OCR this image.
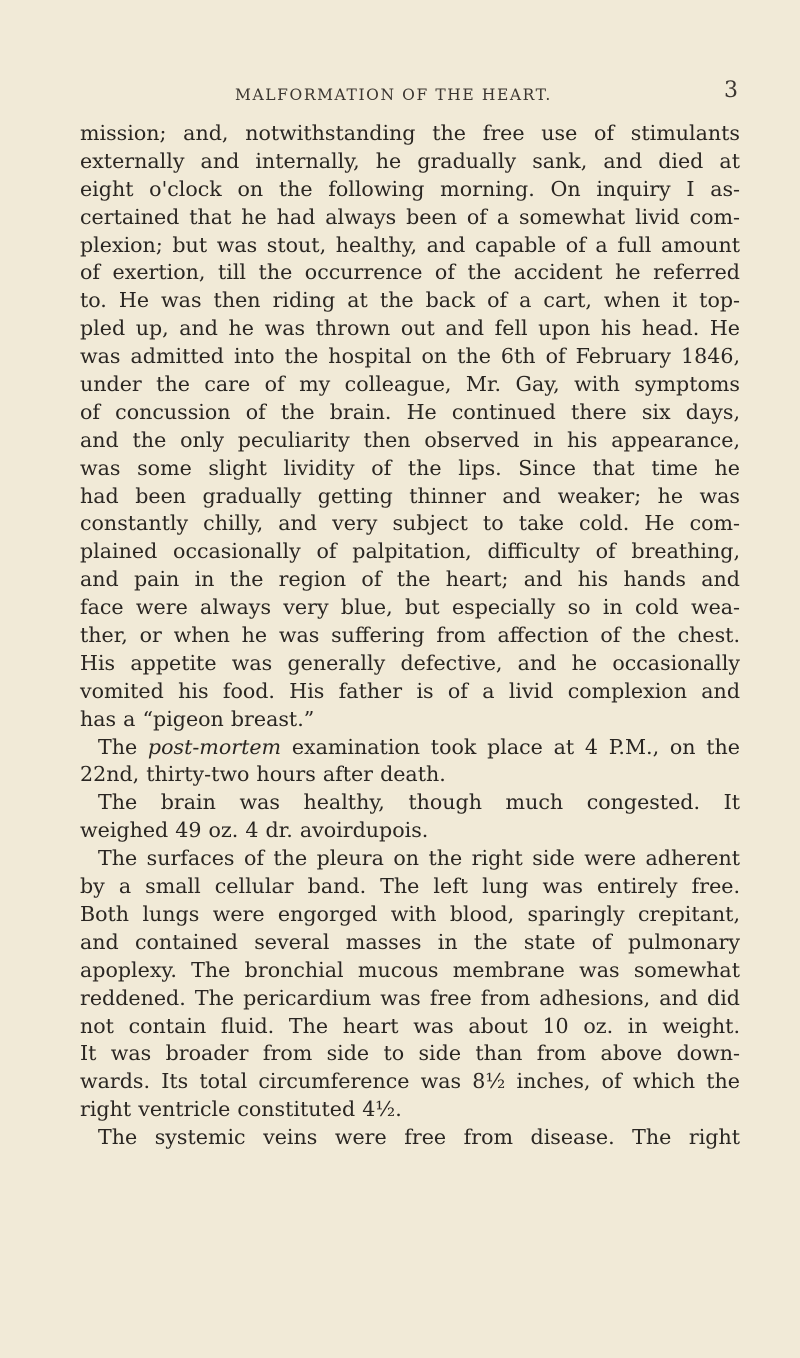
MALFORMATION OF THE HEART.	3
mission; and, notwithstanding the free use of stimulants
externally and internally, he gradually sank, and died at
eight o'clock on the following morning. On inquiry I as-
certained that he had always been of a somewhat livid com-
plexion; but was stout, healthy, and capable of a full amount
of exertion, till the occurrence of the accident he referred
to. He was then riding at the back of a cart, when it top-
pled up, and he was thrown out and fell upon his head. He
was admitted into the hospital on the 6th of February 1846,
under the care of my colleague, Mr. Gay, with symptoms
of concussion of the brain. He continued there six days,
and the only peculiarity then observed in his appearance,
was some slight lividity of the lips. Since that time he
had been gradually getting thinner and weaker; he was
constantly chilly, and very subject to take cold. He com-
plained occasionally of palpitation, difficulty of breathing,
and pain in the region of the heart; and his hands and
face were always very blue, but especially so in cold wea-
ther, or when he was suffering from affection of the chest.
His appetite was generally defective, and he occasionally
vomited his food. His father is of a livid complexion and
has a “pigeon breast.”
The post-mortem examination took place at 4 P.M., on the
22nd, thirty-two hours after death.
The brain was healthy, though much congested. It
weighed 49 oz. 4 dr. avoirdupois.
The surfaces of the pleura on the right side were adherent
by a small cellular band. The left lung was entirely free.
Both lungs were engorged with blood, sparingly crepitant,
and contained several masses in the state of pulmonary
apoplexy. The bronchial mucous membrane was somewhat
reddened. The pericardium was free from adhesions, and did
not contain fluid. The heart was about 10 oz. in weight.
It was broader from side to side than from above down-
wards. Its total circumference was 8½ inches, of which the
right ventricle constituted 4½.
The systemic veins were free from disease. The right
